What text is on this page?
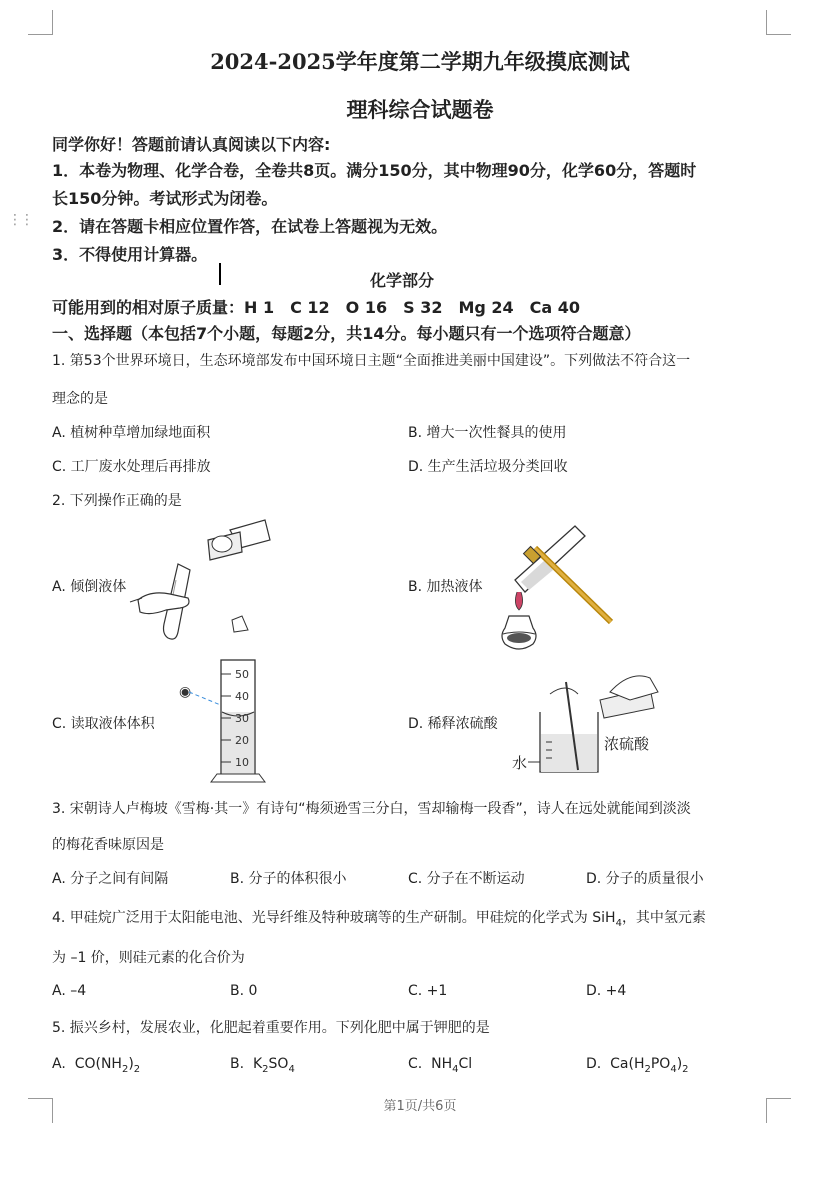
⋮⋮
2024-2025学年度第二学期九年级摸底测试
理科综合试题卷
同学你好！答题前请认真阅读以下内容:
1．本卷为物理、化学合卷，全卷共8页。满分150分，其中物理90分，化学60分，答题时
长150分钟。考试形式为闭卷。
2．请在答题卡相应位置作答，在试卷上答题视为无效。
3．不得使用计算器。
化学部分
可能用到的相对原子质量：H 1　C 12　O 16　S 32　Mg 24　Ca 40
一、选择题（本包括7个小题，每题2分，共14分。每小题只有一个选项符合题意）
1. 第53个世界环境日，生态环境部发布中国环境日主题“全面推进美丽中国建设”。下列做法不符合这一
理念的是
A. 植树种草增加绿地面积	B. 增大一次性餐具的使用
C. 工厂废水处理后再排放	D. 生产生活垃圾分类回收
2. 下列操作正确的是
A. 倾倒液体	B. 加热液体
C. 读取液体体积	D. 稀释浓硫酸
◉
50
40
30
20
10	水
浓硫酸
3. 宋朝诗人卢梅坡《雪梅·其一》有诗句“梅须逊雪三分白，雪却输梅一段香”，诗人在远处就能闻到淡淡
的梅花香味原因是
A. 分子之间有间隔	B. 分子的体积很小	C. 分子在不断运动	D. 分子的质量很小
4. 甲硅烷广泛用于太阳能电池、光导纤维及特种玻璃等的生产研制。甲硅烷的化学式为 SiH$_4$，其中氢元素
为 –1 价，则硅元素的化合价为
A. –4	B. 0	C. +1	D. +4
5. 振兴乡村，发展农业，化肥起着重要作用。下列化肥中属于钾肥的是
A. $CO(NH_2)_2$	B. $K_2SO_4$	C. $NH_4Cl$	D. $Ca(H_2PO_4)_2$
第1页/共6页
